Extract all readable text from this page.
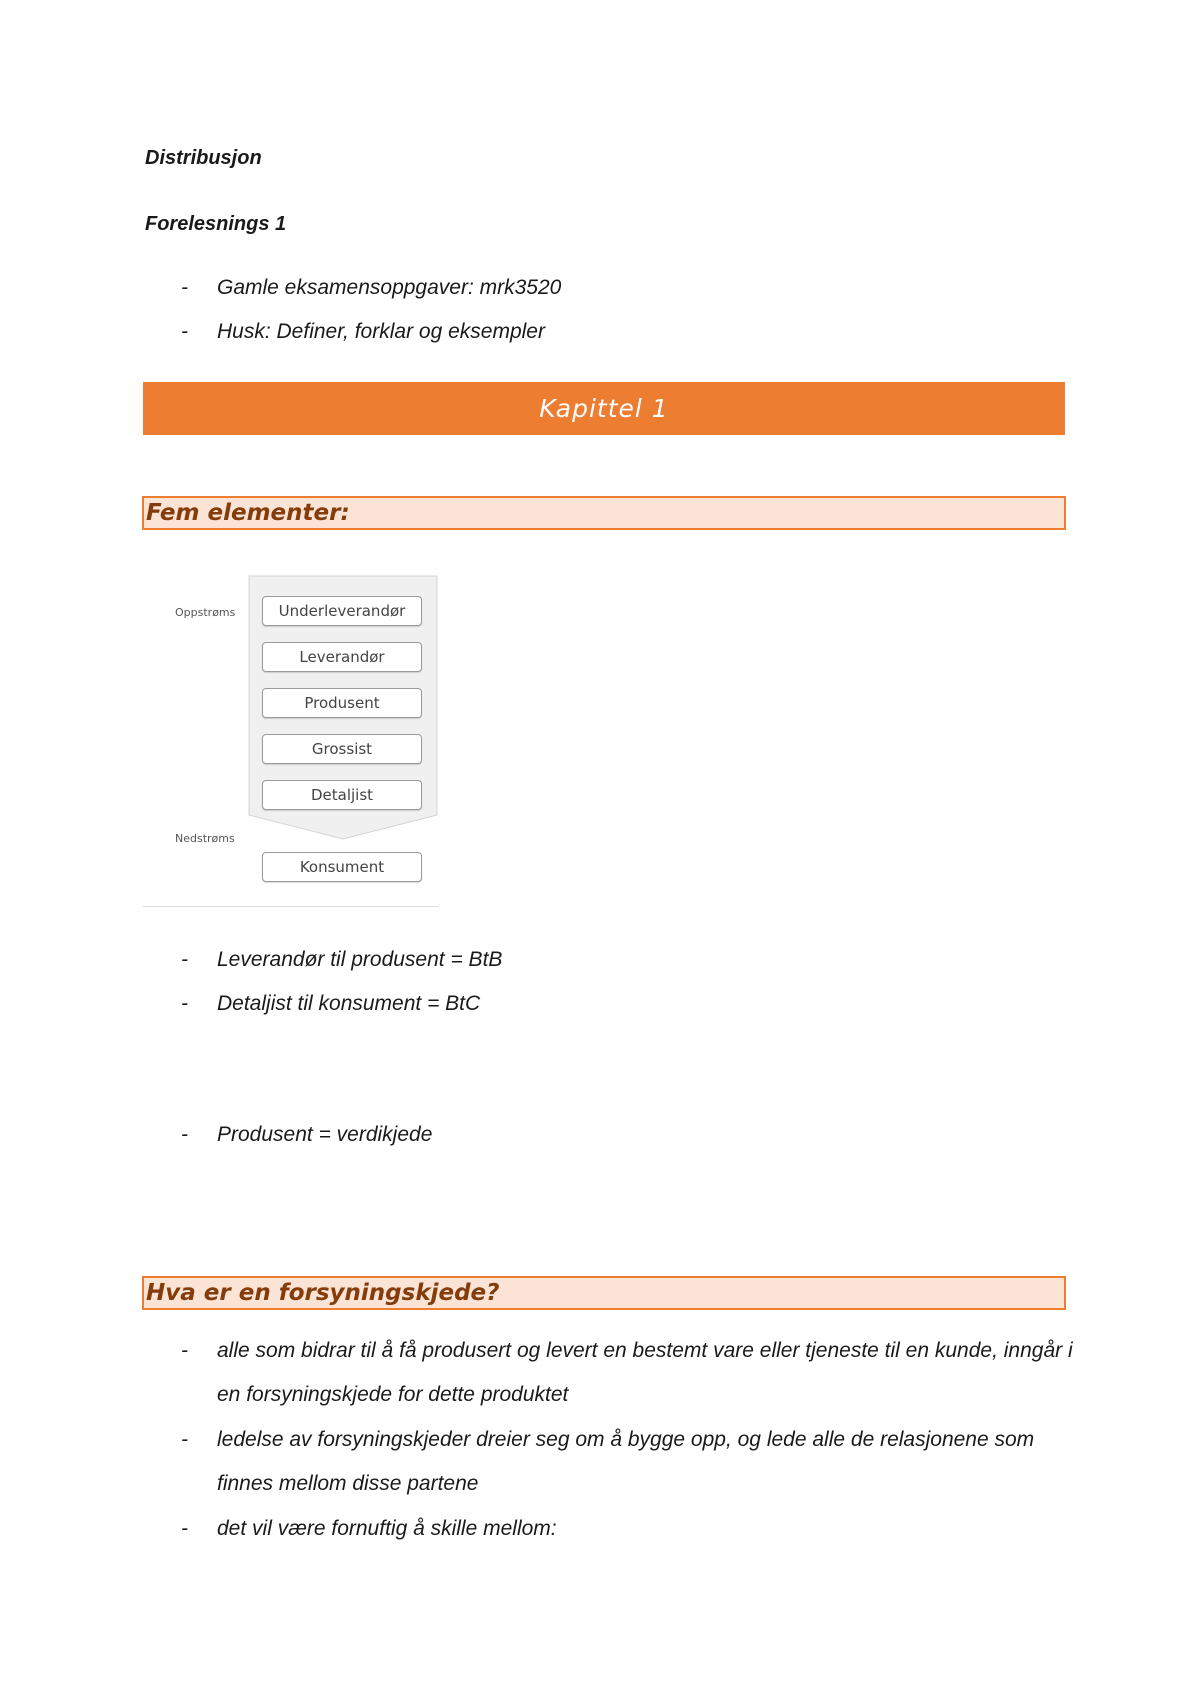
Distribusjon
Forelesnings 1
- Gamle eksamensoppgaver: mrk3520
- Husk: Definer, forklar og eksempler
Kapittel 1
Fem elementer:
Oppstrøms
Nedstrøms
Underleverandør
Leverandør
Produsent
Grossist
Detaljist
Konsument
- Leverandør til produsent = BtB
- Detaljist til konsument = BtC
- Produsent = verdikjede
Hva er en forsyningskjede?
- alle som bidrar til å få produsert og levert en bestemt vare eller tjeneste til en kunde, inngår i en forsyningskjede for dette produktet
- ledelse av forsyningskjeder dreier seg om å bygge opp, og lede alle de relasjonene som finnes mellom disse partene
- det vil være fornuftig å skille mellom:
